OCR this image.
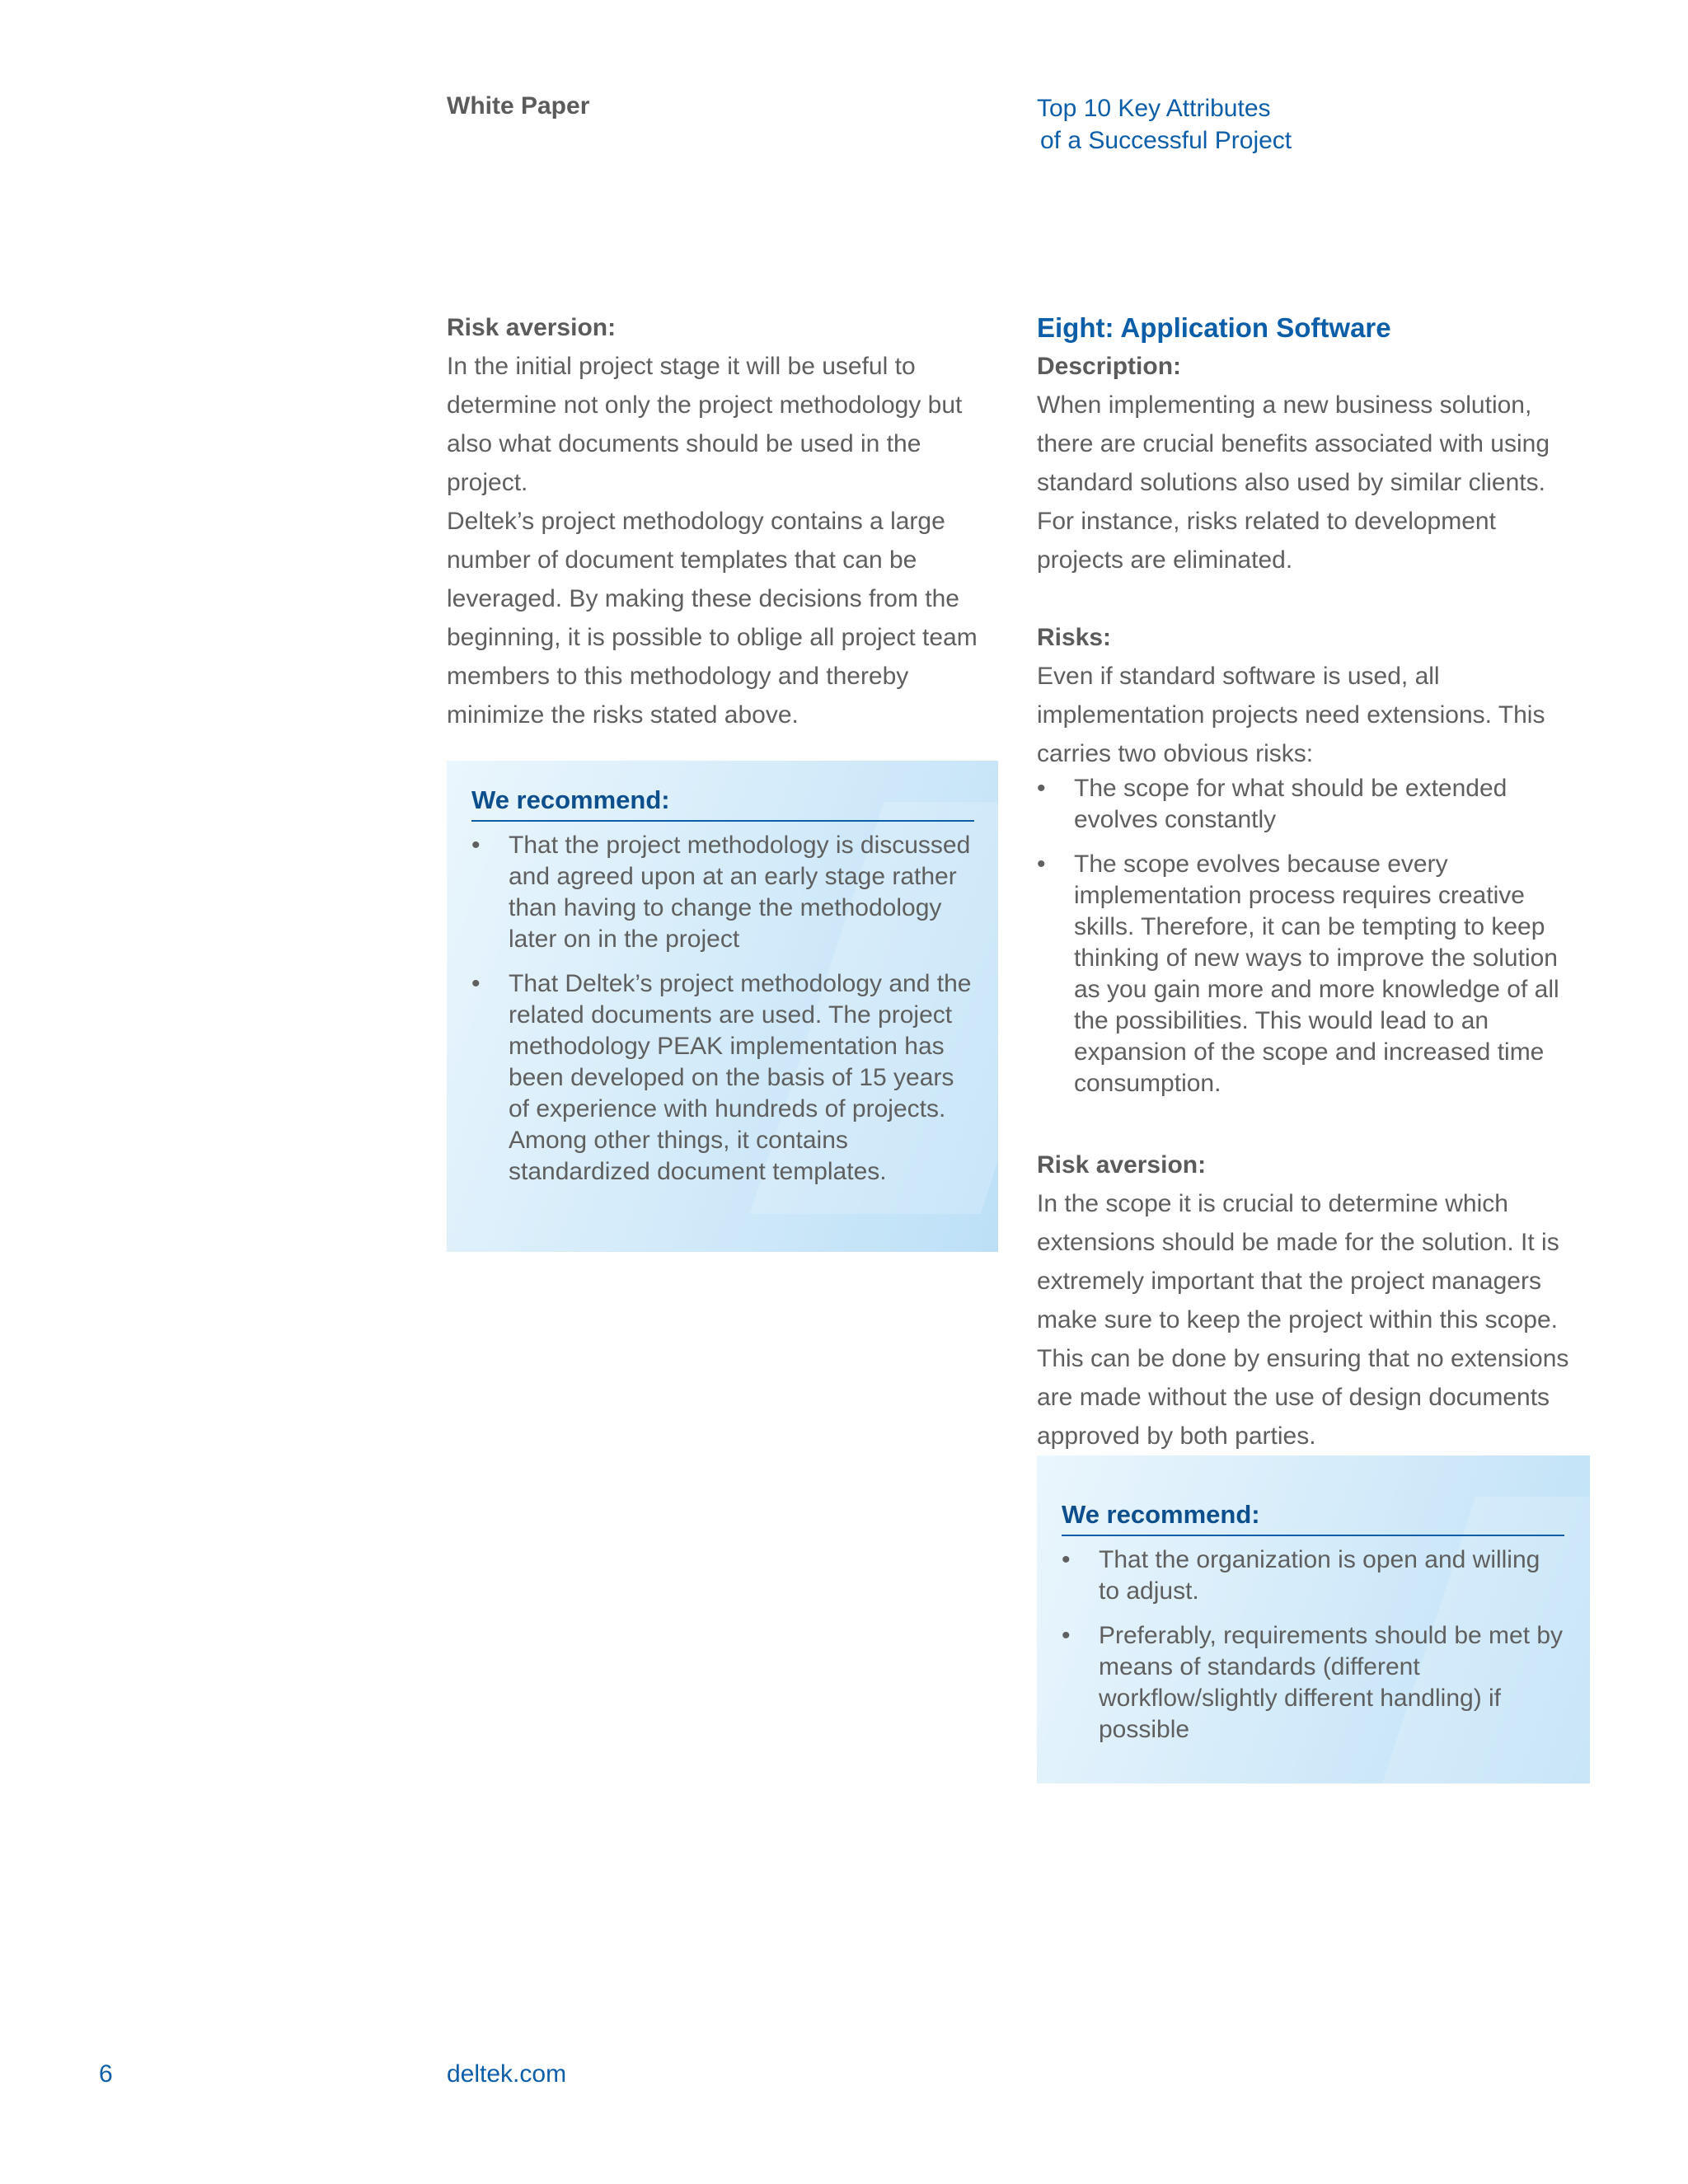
White Paper	Top 10 Key Attributes
of a Successful Project

Risk aversion:

In the initial project stage it will be useful to determine not only the project methodology but also what documents should be used in the project.

Deltek’s project methodology contains a large number of document templates that can be leveraged. By making these decisions from the beginning, it is possible to oblige all project team members to this methodology and thereby minimize the risks stated above.

We recommend:
• That the project methodology is discussed and agreed upon at an early stage rather than having to change the methodology later on in the project
• That Deltek’s project methodology and the related documents are used. The project methodology PEAK implementation has been developed on the basis of 15 years of experience with hundreds of projects. Among other things, it contains standardized document templates.

Eight: Application Software

Description:

When implementing a new business solution, there are crucial benefits associated with using standard solutions also used by similar clients. For instance, risks related to development projects are eliminated.

Risks:

Even if standard software is used, all implementation projects need extensions. This carries two obvious risks:

• The scope for what should be extended evolves constantly
• The scope evolves because every implementation process requires creative skills. Therefore, it can be tempting to keep thinking of new ways to improve the solution as you gain more and more knowledge of all the possibilities. This would lead to an expansion of the scope and increased time consumption.

Risk aversion:

In the scope it is crucial to determine which extensions should be made for the solution. It is extremely important that the project managers make sure to keep the project within this scope. This can be done by ensuring that no extensions are made without the use of design documents approved by both parties.

We recommend:
• That the organization is open and willing to adjust.
• Preferably, requirements should be met by means of standards (different workflow/slightly different handling) if possible
6	deltek.com
